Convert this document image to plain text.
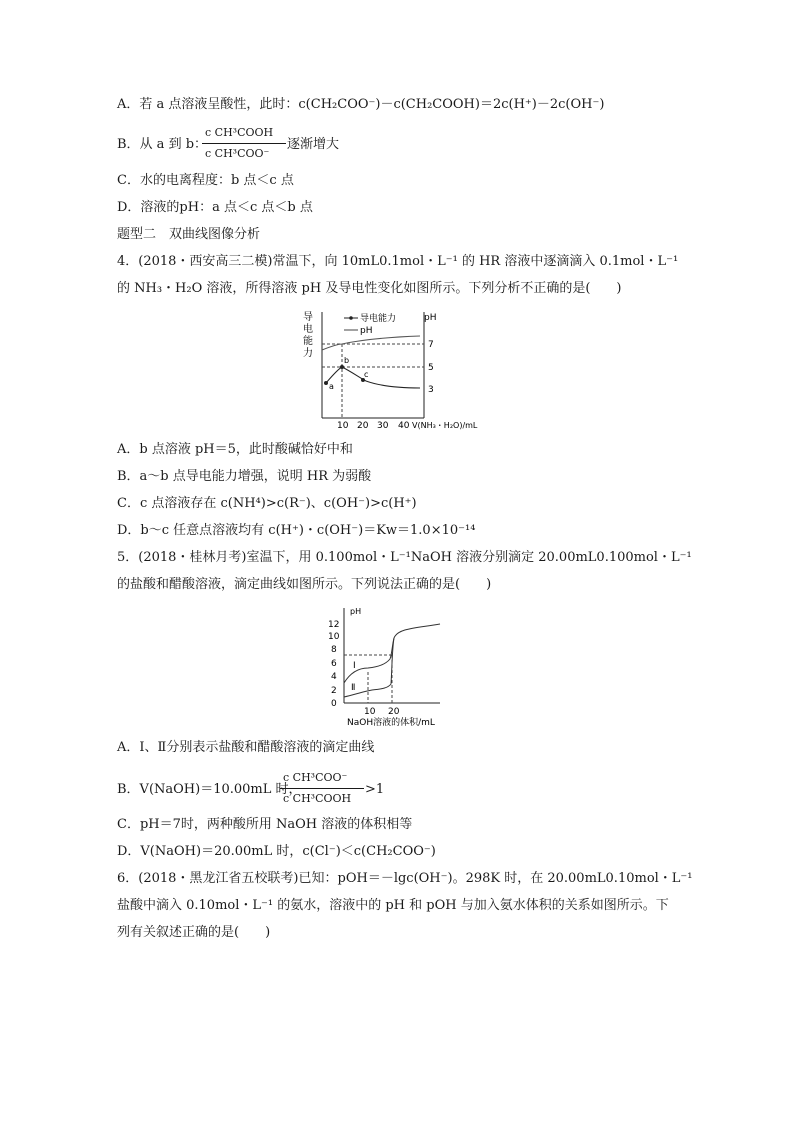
A．若 a 点溶液呈酸性，此时：c(CH₂COO⁻)－c(CH₂COOH)＝2c(H⁺)－2c(OH⁻)
B．从 a 到 b：
c CH³COOH
c CH³COO⁻
逐渐增大
C．水的电离程度：b 点＜c 点
D．溶液的pH：a 点＜c 点＜b 点
题型二　双曲线图像分析
4．(2018・西安高三二模)常温下，向 10mL0.1mol・L⁻¹ 的 HR 溶液中逐滴滴入 0.1mol・L⁻¹
的 NH₃・H₂O 溶液，所得溶液 pH 及导电性变化如图所示。下列分析不正确的是(　　)
导
电
能
力
pH
导电能力
pH
a
b
c
7
5
3
10 20 30 40 V(NH₃・H₂O)/mL
A．b 点溶液 pH＝5，此时酸碱恰好中和
B．a～b 点导电能力增强，说明 HR 为弱酸
C．c 点溶液存在 c(NH⁴)>c(R⁻)、c(OH⁻)>c(H⁺)
D．b～c 任意点溶液均有 c(H⁺)・c(OH⁻)＝Kw＝1.0×10⁻¹⁴
5．(2018・桂林月考)室温下，用 0.100mol・L⁻¹NaOH 溶液分别滴定 20.00mL0.100mol・L⁻¹
的盐酸和醋酸溶液，滴定曲线如图所示。下列说法正确的是(　　)
pH
12
10
8
6
4
2
0
Ⅰ
Ⅱ
10 20
NaOH溶液的体积/mL
A．Ⅰ、Ⅱ分别表示盐酸和醋酸溶液的滴定曲线
B．V(NaOH)＝10.00mL 时，
c CH³COO⁻
c CH³COOH
>1
C．pH＝7时，两种酸所用 NaOH 溶液的体积相等
D．V(NaOH)＝20.00mL 时，c(Cl⁻)＜c(CH₂COO⁻)
6．(2018・黑龙江省五校联考)已知：pOH＝－lgc(OH⁻)。298K 时，在 20.00mL0.10mol・L⁻¹
盐酸中滴入 0.10mol・L⁻¹ 的氨水，溶液中的 pH 和 pOH 与加入氨水体积的关系如图所示。下
列有关叙述正确的是(　　)
